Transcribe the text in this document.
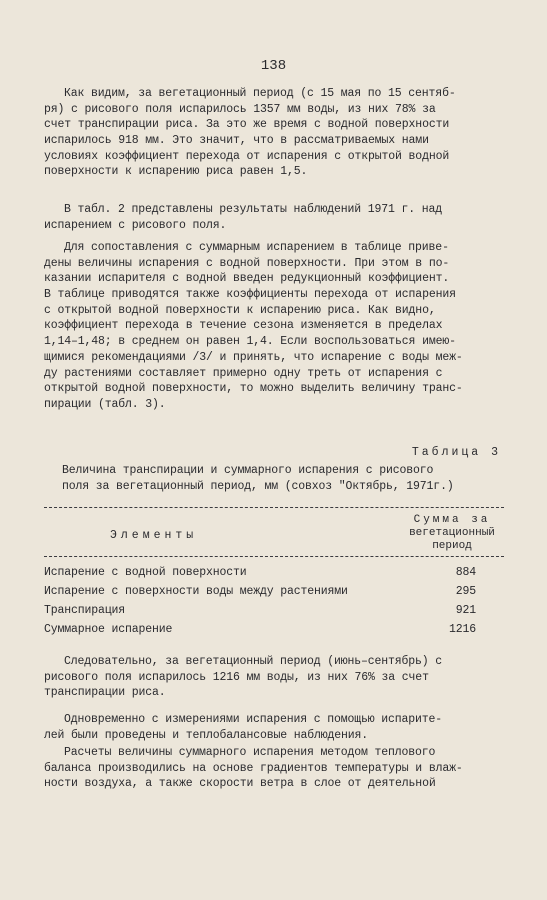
138
Как видим, за вегетационный период (с 15 мая по 15 сентяб-
ря) с рисового поля испарилось 1357 мм воды, из них 78% за
счет транспирации риса. За это же время с водной поверхности
испарилось 918 мм. Это значит, что в рассматриваемых нами
условиях коэффициент перехода от испарения с открытой водной
поверхности к испарению риса равен 1,5.
В табл. 2 представлены результаты наблюдений 1971 г. над
испарением с рисового поля.
Для сопоставления с суммарным испарением в таблице приве-
дены величины испарения с водной поверхности. При этом в по-
казании испарителя с водной введен редукционный коэффициент.
В таблице приводятся также коэффициенты перехода от испарения
с открытой водной поверхности к испарению риса. Как видно,
коэффициент перехода в течение сезона изменяется в пределах
1,14–1,48; в среднем он равен 1,4. Если воспользоваться имею-
щимися рекомендациями /3/ и принять, что испарение с воды меж-
ду растениями составляет примерно одну треть от испарения с
открытой водной поверхности, то можно выделить величину транс-
пирации (табл. 3).
Таблица 3
Величина транспирации и суммарного испарения с рисового
поля за вегетационный период, мм (совхоз "Октябрь, 1971г.)
Элементы
Сумма за
вегетационный
период
Испарение с водной поверхности	884
Испарение с поверхности воды между растениями	295
Транспирация	921
Суммарное испарение	1216
Следовательно, за вегетационный период (июнь–сентябрь) с
рисового поля испарилось 1216 мм воды, из них 76% за счет
транспирации риса.
Одновременно с измерениями испарения с помощью испарите-
лей были проведены и теплобалансовые наблюдения.
Расчеты величины суммарного испарения методом теплового
баланса производились на основе градиентов температуры и влаж-
ности воздуха, а также скорости ветра в слое от деятельной
